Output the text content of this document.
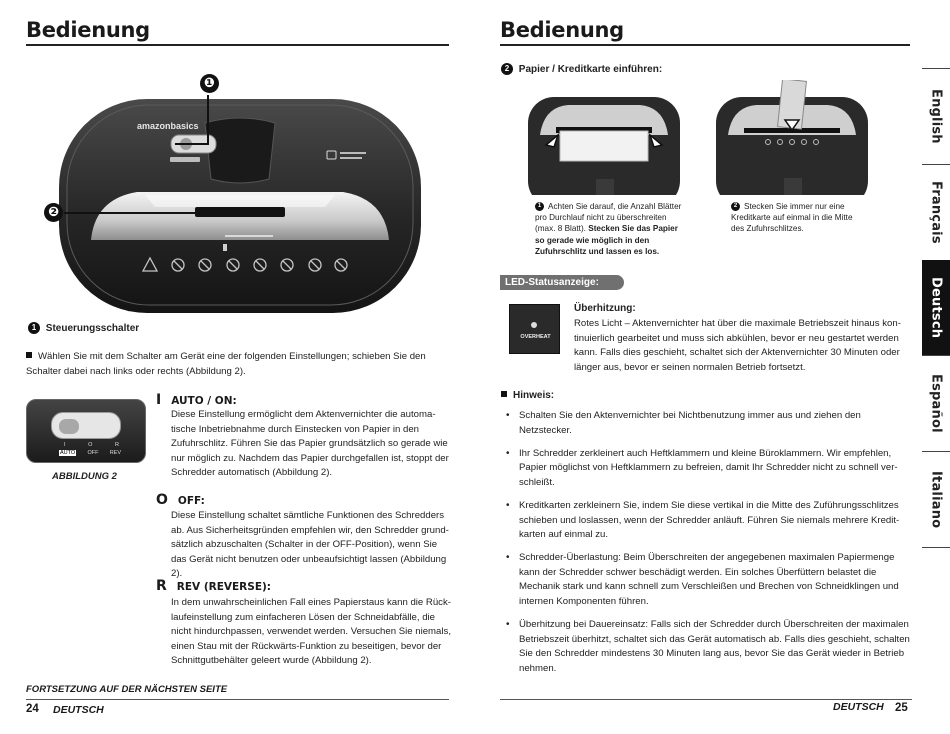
Bedienung
amazonbasics
❶
❷
1 Steuerungsschalter
Wählen Sie mit dem Schalter am Gerät eine der folgenden Einstellungen; schieben Sie den Schalter dabei nach links oder rechts (Abbildung 2).
I	O	R
AUTO OFF REV
ABBILDUNG 2
I AUTO / ON:
Diese Einstellung ermöglicht dem Aktenvernichter die automatische Inbetriebnahme durch Einstecken von Papier in den Zufuhrschlitz. Führen Sie das Papier grundsätzlich so gerade wie nur möglich zu. Nachdem das Papier durchgefallen ist, stoppt der Schredder automatisch (Abbildung 2).
O OFF:
Diese Einstellung schaltet sämtliche Funktionen des Schredders ab. Aus Sicherheitsgründen empfehlen wir, den Schredder grundsätzlich abzuschalten (Schalter in der OFF-Position), wenn Sie das Gerät nicht benutzen oder unbeaufsichtigt lassen (Abbildung 2).
R REV (REVERSE):
In dem unwahrscheinlichen Fall eines Papierstaus kann die Rücklaufeinstellung zum einfacheren Lösen der Schneidabfälle, die nicht hindurchpassen, verwendet werden. Versuchen Sie niemals, einen Stau mit der Rückwärts-Funktion zu beseitigen, bevor der Schnittgutbehälter geleert wurde (Abbildung 2).
FORTSETZUNG AUF DER NÄCHSTEN SEITE
24 DEUTSCH
Bedienung
2 Papier / Kreditkarte einführen:
1 Achten Sie darauf, die Anzahl Blätter pro Durchlauf nicht zu überschreiten (max. 8 Blatt). Stecken Sie das Papier so gerade wie möglich in den Zufuhrschlitz und lassen es los.
2 Stecken Sie immer nur eine Kreditkarte auf einmal in die Mitte des Zufuhrschlitzes.
LED-Statusanzeige:
OVERHEAT
Überhitzung:
Rotes Licht – Aktenvernichter hat über die maximale Betriebszeit hinaus kontinuierlich gearbeitet und muss sich abkühlen, bevor er neu gestartet werden kann. Falls dies geschieht, schaltet sich der Aktenvernichter 30 Minuten oder länger aus, bevor er seinen normalen Betrieb fortsetzt.
Hinweis:
• Schalten Sie den Aktenvernichter bei Nichtbenutzung immer aus und ziehen den Netzstecker.
• Ihr Schredder zerkleinert auch Heftklammern und kleine Büroklammern. Wir empfehlen, Papier möglichst von Heftklammern zu befreien, damit Ihr Schredder nicht zu schnell verschleißt.
• Kreditkarten zerkleinern Sie, indem Sie diese vertikal in die Mitte des Zuführungsschlitzes schieben und loslassen, wenn der Schredder anläuft. Führen Sie niemals mehrere Kreditkarten auf einmal zu.
• Schredder-Überlastung: Beim Überschreiten der angegebenen maximalen Papiermenge kann der Schredder schwer beschädigt werden. Ein solches Überfüttern belastet die Mechanik stark und kann schnell zum Verschleißen und Brechen von Schneidklingen und internen Komponenten führen.
• Überhitzung bei Dauereinsatz: Falls sich der Schredder durch Überschreiten der maximalen Betriebszeit überhitzt, schaltet sich das Gerät automatisch ab. Falls dies geschieht, schalten Sie den Schredder mindestens 30 Minuten lang aus, bevor Sie das Gerät wieder in Betrieb nehmen.
DEUTSCH 25
English
Français
Deutsch
Español
Italiano
